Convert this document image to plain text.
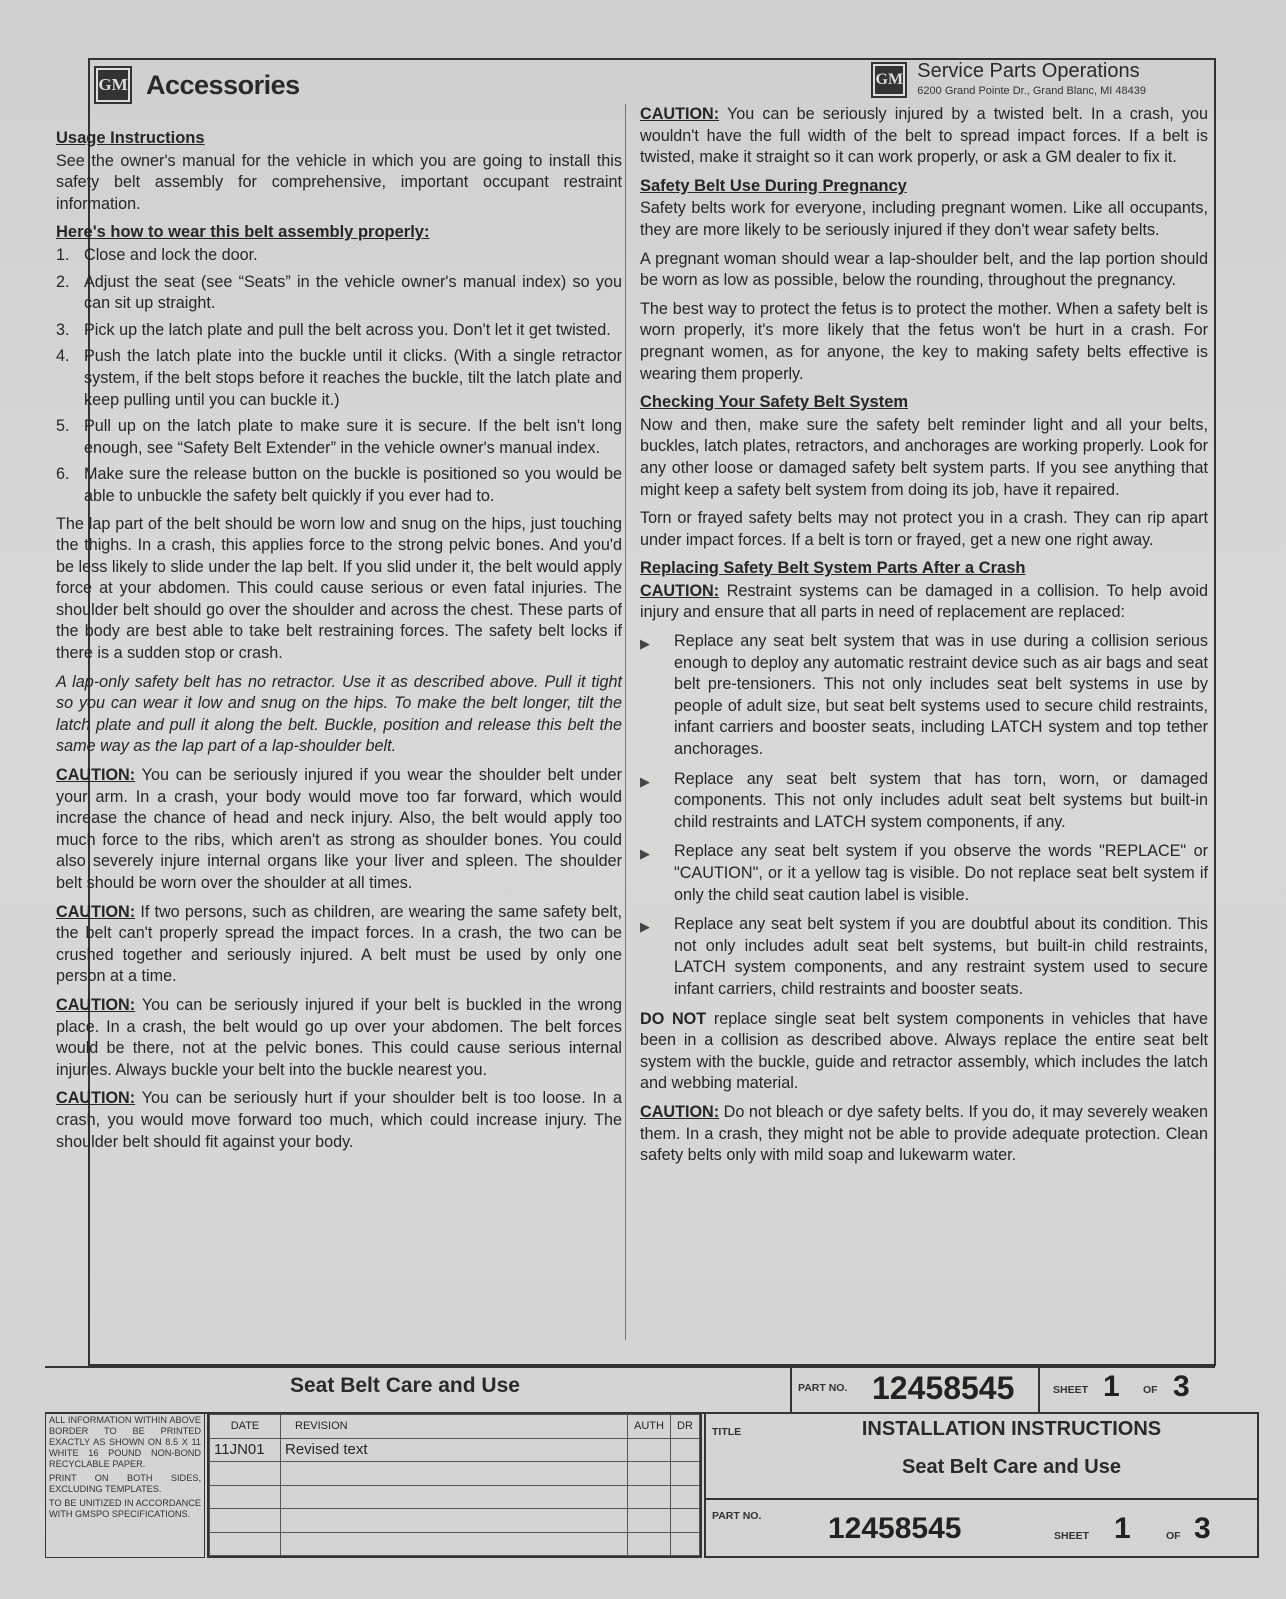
GM Accessories	GM Service Parts Operations
6200 Grand Pointe Dr., Grand Blanc, MI 48439
Usage Instructions

See the owner's manual for the vehicle in which you are going to install this safety belt assembly for comprehensive, important occupant restraint information.

Here's how to wear this belt assembly properly:
1. Close and lock the door.
2. Adjust the seat (see “Seats” in the vehicle owner's manual index) so you can sit up straight.
3. Pick up the latch plate and pull the belt across you. Don't let it get twisted.
4. Push the latch plate into the buckle until it clicks. (With a single retractor system, if the belt stops before it reaches the buckle, tilt the latch plate and keep pulling until you can buckle it.)
5. Pull up on the latch plate to make sure it is secure. If the belt isn't long enough, see “Safety Belt Extender” in the vehicle owner's manual index.
6. Make sure the release button on the buckle is positioned so you would be able to unbuckle the safety belt quickly if you ever had to.

The lap part of the belt should be worn low and snug on the hips, just touching the thighs. In a crash, this applies force to the strong pelvic bones. And you'd be less likely to slide under the lap belt. If you slid under it, the belt would apply force at your abdomen. This could cause serious or even fatal injuries. The shoulder belt should go over the shoulder and across the chest. These parts of the body are best able to take belt restraining forces. The safety belt locks if there is a sudden stop or crash.

A lap-only safety belt has no retractor. Use it as described above. Pull it tight so you can wear it low and snug on the hips. To make the belt longer, tilt the latch plate and pull it along the belt. Buckle, position and release this belt the same way as the lap part of a lap-shoulder belt.

CAUTION: You can be seriously injured if you wear the shoulder belt under your arm. In a crash, your body would move too far forward, which would increase the chance of head and neck injury. Also, the belt would apply too much force to the ribs, which aren't as strong as shoulder bones. You could also severely injure internal organs like your liver and spleen. The shoulder belt should be worn over the shoulder at all times.

CAUTION: If two persons, such as children, are wearing the same safety belt, the belt can't properly spread the impact forces. In a crash, the two can be crushed together and seriously injured. A belt must be used by only one person at a time.

CAUTION: You can be seriously injured if your belt is buckled in the wrong place. In a crash, the belt would go up over your abdomen. The belt forces would be there, not at the pelvic bones. This could cause serious internal injuries. Always buckle your belt into the buckle nearest you.

CAUTION: You can be seriously hurt if your shoulder belt is too loose. In a crash, you would move forward too much, which could increase injury. The shoulder belt should fit against your body.

CAUTION: You can be seriously injured by a twisted belt. In a crash, you wouldn't have the full width of the belt to spread impact forces. If a belt is twisted, make it straight so it can work properly, or ask a GM dealer to fix it.

Safety Belt Use During Pregnancy

Safety belts work for everyone, including pregnant women. Like all occupants, they are more likely to be seriously injured if they don't wear safety belts.

A pregnant woman should wear a lap-shoulder belt, and the lap portion should be worn as low as possible, below the rounding, throughout the pregnancy.

The best way to protect the fetus is to protect the mother. When a safety belt is worn properly, it's more likely that the fetus won't be hurt in a crash. For pregnant women, as for anyone, the key to making safety belts effective is wearing them properly.

Checking Your Safety Belt System

Now and then, make sure the safety belt reminder light and all your belts, buckles, latch plates, retractors, and anchorages are working properly. Look for any other loose or damaged safety belt system parts. If you see anything that might keep a safety belt system from doing its job, have it repaired.

Torn or frayed safety belts may not protect you in a crash. They can rip apart under impact forces. If a belt is torn or frayed, get a new one right away.

Replacing Safety Belt System Parts After a Crash

CAUTION: Restraint systems can be damaged in a collision. To help avoid injury and ensure that all parts in need of replacement are replaced:

▶	Replace any seat belt system that was in use during a collision serious enough to deploy any automatic restraint device such as air bags and seat belt pre-tensioners. This not only includes seat belt systems in use by people of adult size, but seat belt systems used to secure child restraints, infant carriers and booster seats, including LATCH system and top tether anchorages.
▶	Replace any seat belt system that has torn, worn, or damaged components. This not only includes adult seat belt systems but built-in child restraints and LATCH system components, if any.
▶	Replace any seat belt system if you observe the words "REPLACE" or "CAUTION", or it a yellow tag is visible. Do not replace seat belt system if only the child seat caution label is visible.
▶	Replace any seat belt system if you are doubtful about its condition. This not only includes adult seat belt systems, but built-in child restraints, LATCH system components, and any restraint system used to secure infant carriers, child restraints and booster seats.

DO NOT replace single seat belt system components in vehicles that have been in a collision as described above. Always replace the entire seat belt system with the buckle, guide and retractor assembly, which includes the latch and webbing material.

CAUTION: Do not bleach or dye safety belts. If you do, it may severely weaken them. In a crash, they might not be able to provide adequate protection. Clean safety belts only with mild soap and lukewarm water.

Seat Belt Care and Use	PART NO. 12458545	SHEET 1 OF 3

ALL INFORMATION WITHIN ABOVE BORDER TO BE PRINTED EXACTLY AS SHOWN ON 8.5 X 11 WHITE 16 POUND NON-BOND RECYCLABLE PAPER.

PRINT ON BOTH SIDES, EXCLUDING TEMPLATES.

TO BE UNITIZED IN ACCORDANCE WITH GMSPO SPECIFICATIONS.

DATE	REVISION	AUTH	DR
11JN01	Revised text		

TITLE	INSTALLATION INSTRUCTIONS
Seat Belt Care and Use
PART NO. 12458545	SHEET 1	OF 3
